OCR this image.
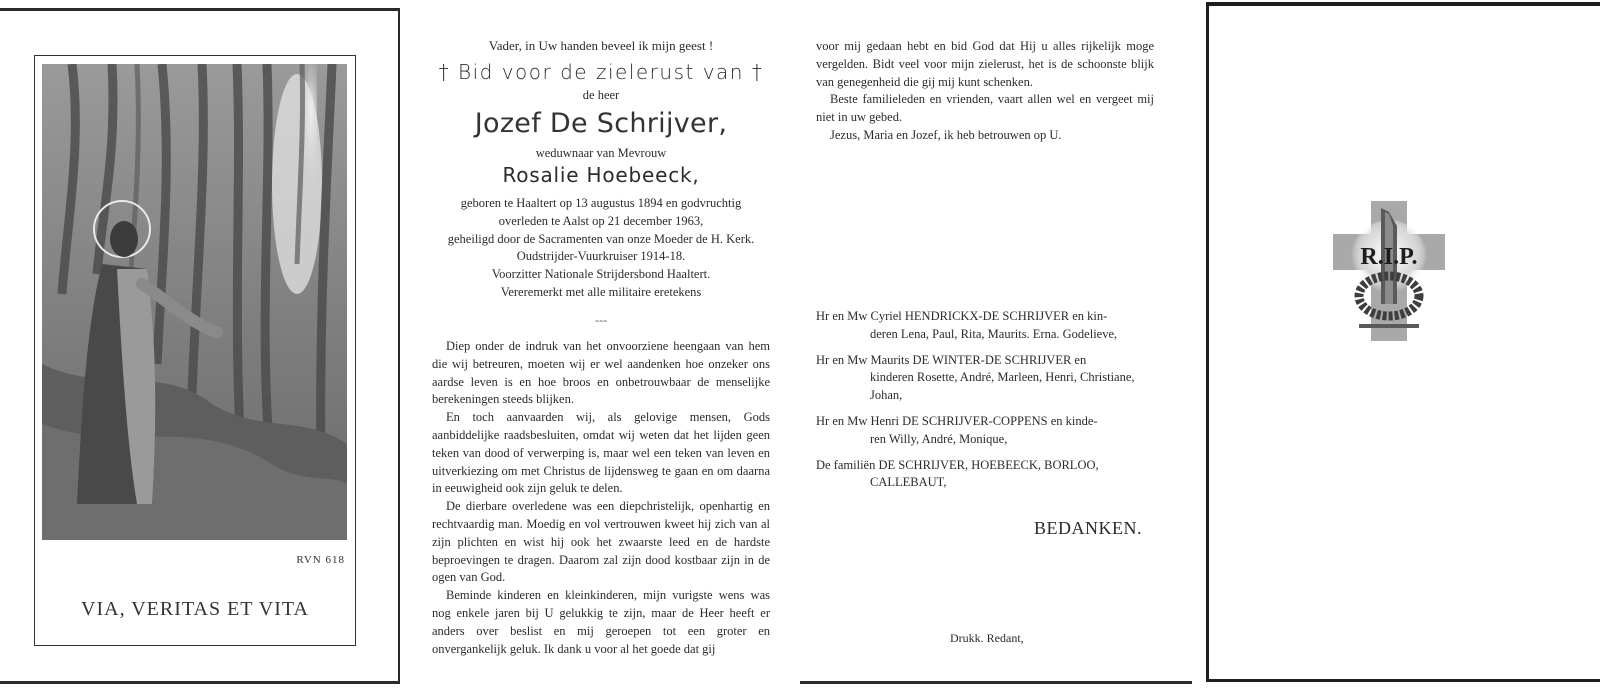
RVN 618
VIA, VERITAS ET VITA
Vader, in Uw handen beveel ik mijn geest !
† Bid voor de zielerust van †
de heer
Jozef De Schrijver,
weduwnaar van Mevrouw
Rosalie Hoebeeck,
geboren te Haaltert op 13 augustus 1894 en godvruchtig
overleden te Aalst op 21 december 1963,
geheiligd door de Sacramenten van onze Moeder de H. Kerk.
Oudstrijder-Vuurkruiser 1914-18.
Voorzitter Nationale Strijdersbond Haaltert.
Vereremerkt met alle militaire eretekens
---

Diep onder de indruk van het onvoorziene heengaan van hem die wij betreuren, moeten wij er wel aandenken hoe onzeker ons aardse leven is en hoe broos en onbetrouwbaar de menselijke berekeningen steeds blijken.

En toch aanvaarden wij, als gelovige mensen, Gods aanbiddelijke raadsbesluiten, omdat wij weten dat het lijden geen teken van dood of verwerping is, maar wel een teken van leven en uitverkiezing om met Christus de lijdensweg te gaan en om daarna in eeuwigheid ook zijn geluk te delen.

De dierbare overledene was een diepchristelijk, openhartig en rechtvaardig man. Moedig en vol vertrouwen kweet hij zich van al zijn plichten en wist hij ook het zwaarste leed en de hardste beproevingen te dragen. Daarom zal zijn dood kostbaar zijn in de ogen van God.

Beminde kinderen en kleinkinderen, mijn vurigste wens was nog enkele jaren bij U gelukkig te zijn, maar de Heer heeft er anders over beslist en mij geroepen tot een groter en onvergankelijk geluk. Ik dank u voor al het goede dat gij

voor mij gedaan hebt en bid God dat Hij u alles rijkelijk moge vergelden. Bidt veel voor mijn zielerust, het is de schoonste blijk van genegenheid die gij mij kunt schenken.

Beste familieleden en vrienden, vaart allen wel en vergeet mij niet in uw gebed.

Jezus, Maria en Jozef, ik heb betrouwen op U.

Hr en Mw Cyriel HENDRICKX-DE SCHRIJVER en kin-
deren Lena, Paul, Rita, Maurits. Erna. Godelieve,
Hr en Mw Maurits DE WINTER-DE SCHRIJVER en
kinderen Rosette, André, Marleen, Henri, Christiane, Johan,
Hr en Mw Henri DE SCHRIJVER-COPPENS en kinde-
ren Willy, André, Monique,
De familiën DE SCHRIJVER, HOEBEECK, BORLOO,
CALLEBAUT,
BEDANKEN.
Drukk. Redant,
R.I.P.
